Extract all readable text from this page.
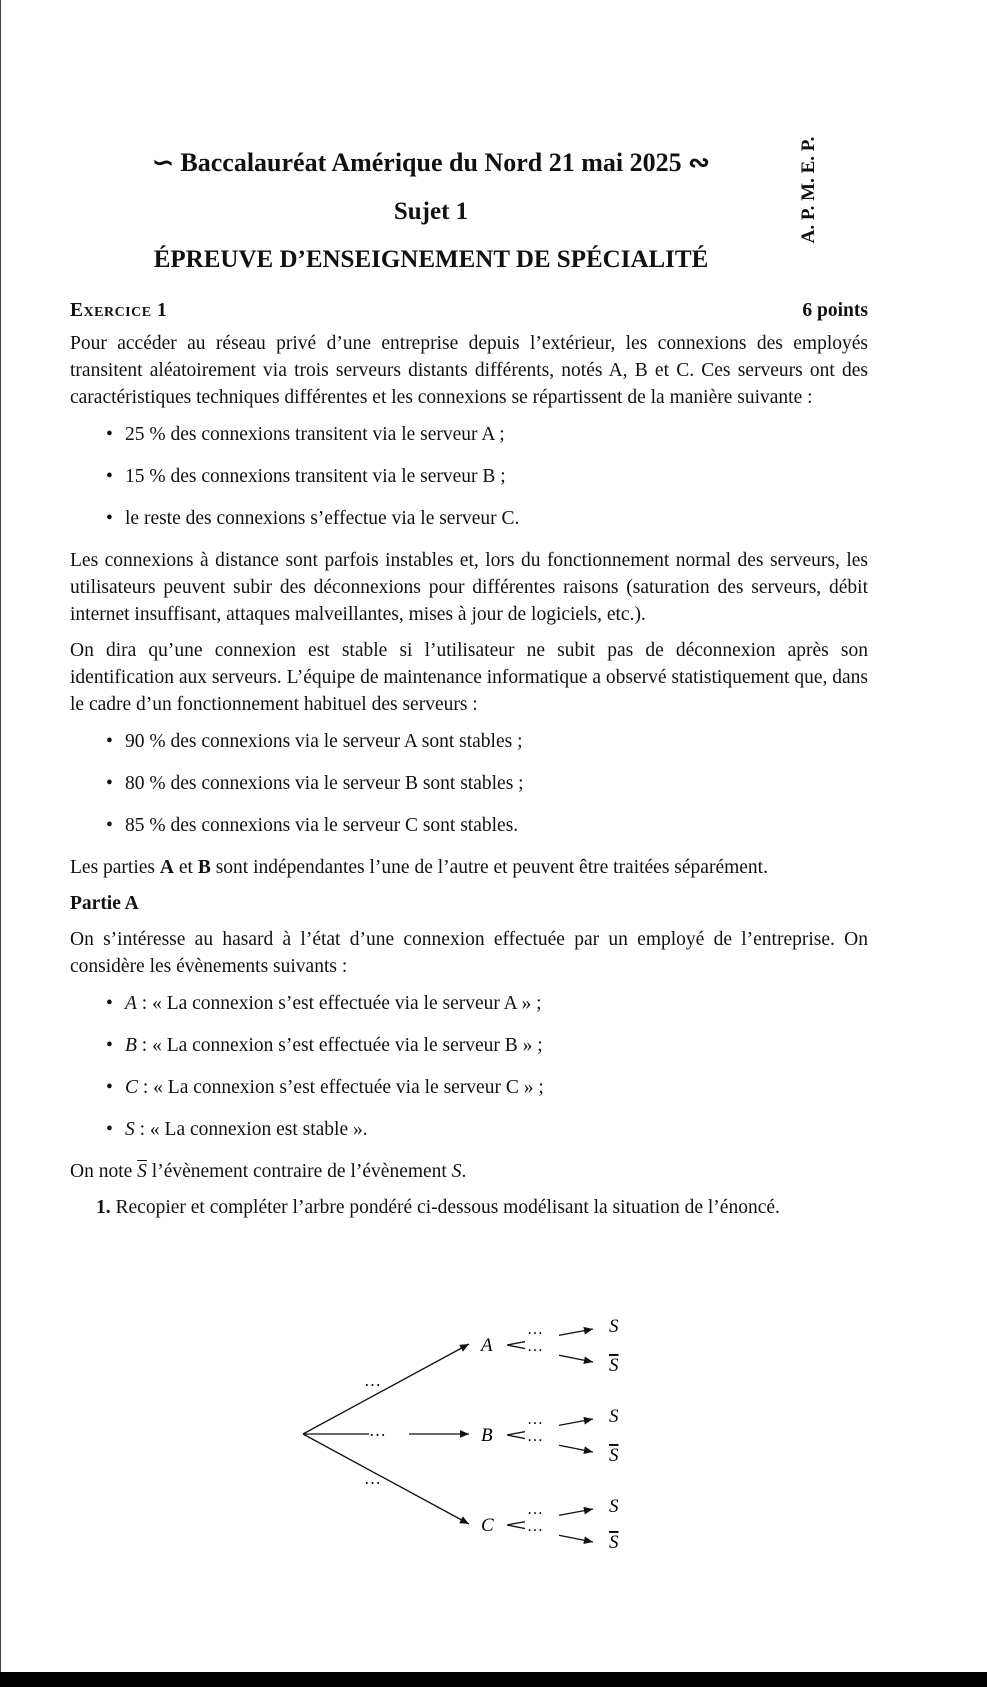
∽ Baccalauréat Amérique du Nord 21 mai 2025 ∾
Sujet 1
ÉPREUVE D’ENSEIGNEMENT DE SPÉCIALITÉ
A. P. M. E. P.
Exercice 1	6 points

Pour accéder au réseau privé d’une entreprise depuis l’extérieur, les connexions des employés transitent aléatoirement via trois serveurs distants différents, notés A, B et C. Ces serveurs ont des caractéristiques techniques différentes et les connexions se répartissent de la manière suivante :

• 25 % des connexions transitent via le serveur A ;
• 15 % des connexions transitent via le serveur B ;
• le reste des connexions s’effectue via le serveur C.

Les connexions à distance sont parfois instables et, lors du fonctionnement normal des serveurs, les utilisateurs peuvent subir des déconnexions pour différentes raisons (saturation des serveurs, débit internet insuffisant, attaques malveillantes, mises à jour de logiciels, etc.).

On dira qu’une connexion est stable si l’utilisateur ne subit pas de déconnexion après son identification aux serveurs. L’équipe de maintenance informatique a observé statistiquement que, dans le cadre d’un fonctionnement habituel des serveurs :

• 90 % des connexions via le serveur A sont stables ;
• 80 % des connexions via le serveur B sont stables ;
• 85 % des connexions via le serveur C sont stables.

Les parties A et B sont indépendantes l’une de l’autre et peuvent être traitées séparément.

Partie A

On s’intéresse au hasard à l’état d’une connexion effectuée par un employé de l’entreprise. On considère les évènements suivants :

• A : « La connexion s’est effectuée via le serveur A » ;
• B : « La connexion s’est effectuée via le serveur B » ;
• C : « La connexion s’est effectuée via le serveur C » ;
• S : « La connexion est stable ».

On note $\overline{S}$ l’évènement contraire de l’évènement S.

1. Recopier et compléter l’arbre pondéré ci-dessous modélisant la situation de l’énoncé.

…
…
…
A
B
C
…
…
S
S
…
…
S
S
…
…
S
S
